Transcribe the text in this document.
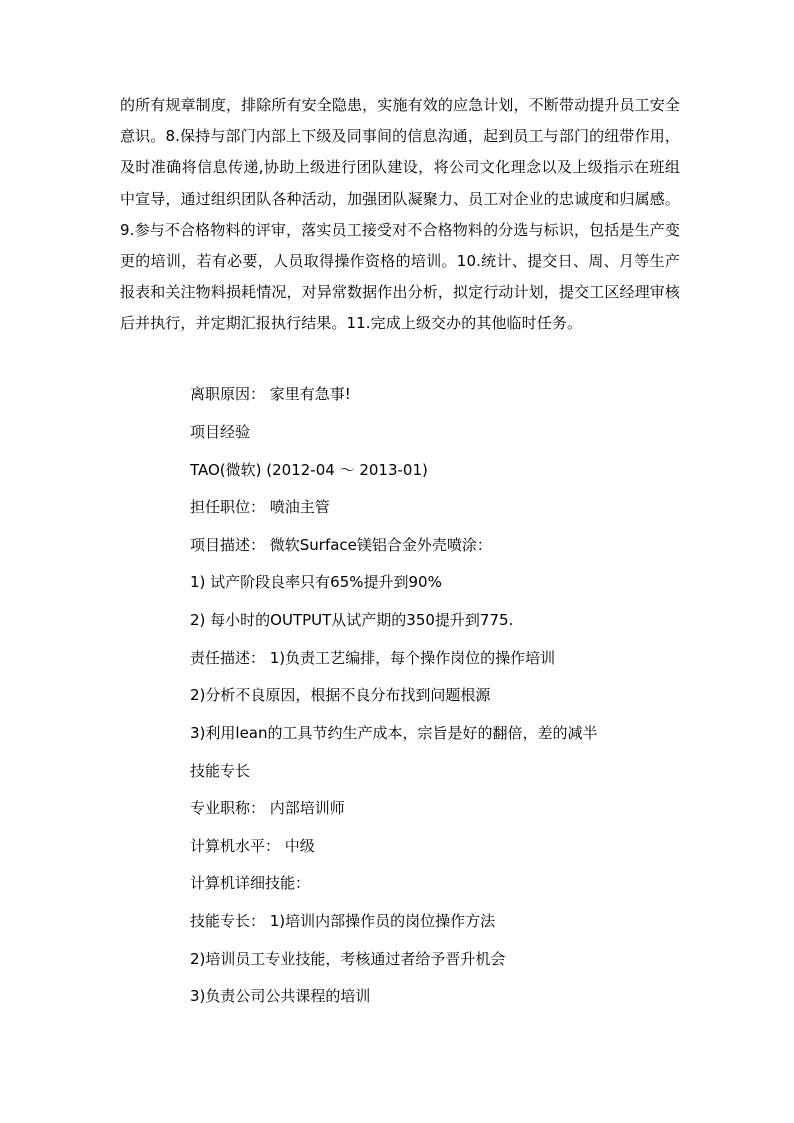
的所有规章制度，排除所有安全隐患，实施有效的应急计划，不断带动提升员工安全意识。8.保持与部门内部上下级及同事间的信息沟通，起到员工与部门的纽带作用，及时准确将信息传递,协助上级进行团队建设，将公司文化理念以及上级指示在班组中宣导，通过组织团队各种活动，加强团队凝聚力、员工对企业的忠诚度和归属感。9.参与不合格物料的评审，落实员工接受对不合格物料的分选与标识，包括是生产变更的培训，若有必要，人员取得操作资格的培训。10.统计、提交日、周、月等生产报表和关注物料损耗情况，对异常数据作出分析，拟定行动计划，提交工区经理审核后并执行，并定期汇报执行结果。11.完成上级交办的其他临时任务。

离职原因： 家里有急事!

项目经验

TAO(微软) (2012-04 ～ 2013-01)

担任职位： 喷油主管

项目描述： 微软Surface镁铝合金外壳喷涂：

1) 试产阶段良率只有65%提升到90%

2) 每小时的OUTPUT从试产期的350提升到775.

责任描述： 1)负责工艺编排，每个操作岗位的操作培训

2)分析不良原因，根据不良分布找到问题根源

3)利用lean的工具节约生产成本，宗旨是好的翻倍，差的减半

技能专长

专业职称： 内部培训师

计算机水平： 中级

计算机详细技能：

技能专长： 1)培训内部操作员的岗位操作方法

2)培训员工专业技能，考核通过者给予晋升机会

3)负责公司公共课程的培训
